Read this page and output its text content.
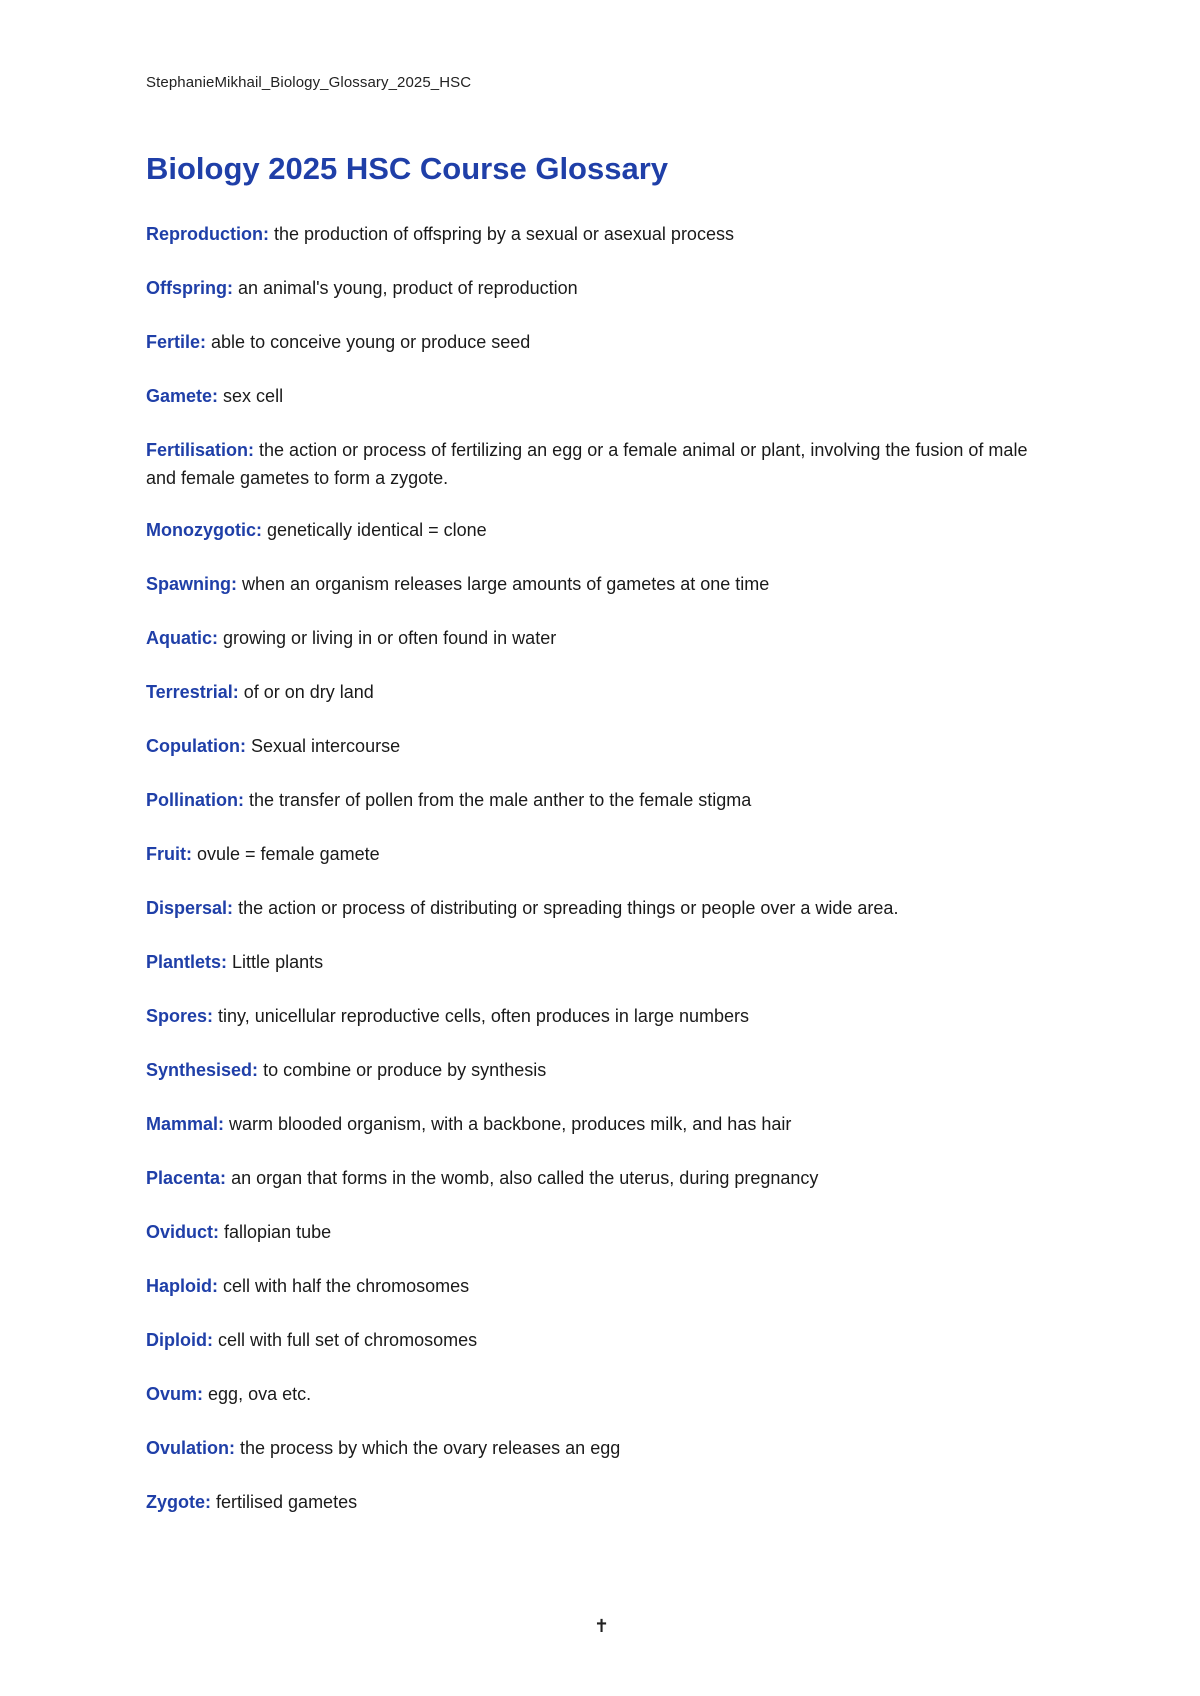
StephanieMikhail_Biology_Glossary_2025_HSC
Biology 2025 HSC Course Glossary
Reproduction: the production of offspring by a sexual or asexual process
Offspring: an animal's young, product of reproduction
Fertile: able to conceive young or produce seed
Gamete: sex cell
Fertilisation: the action or process of fertilizing an egg or a female animal or plant, involving the fusion of male and female gametes to form a zygote.
Monozygotic: genetically identical = clone
Spawning: when an organism releases large amounts of gametes at one time
Aquatic: growing or living in or often found in water
Terrestrial: of or on dry land
Copulation: Sexual intercourse
Pollination: the transfer of pollen from the male anther to the female stigma
Fruit: ovule = female gamete
Dispersal: the action or process of distributing or spreading things or people over a wide area.
Plantlets: Little plants
Spores: tiny, unicellular reproductive cells, often produces in large numbers
Synthesised: to combine or produce by synthesis
Mammal: warm blooded organism, with a backbone, produces milk, and has hair
Placenta: an organ that forms in the womb, also called the uterus, during pregnancy
Oviduct: fallopian tube
Haploid: cell with half the chromosomes
Diploid: cell with full set of chromosomes
Ovum: egg, ova etc.
Ovulation: the process by which the ovary releases an egg
Zygote: fertilised gametes
✝
